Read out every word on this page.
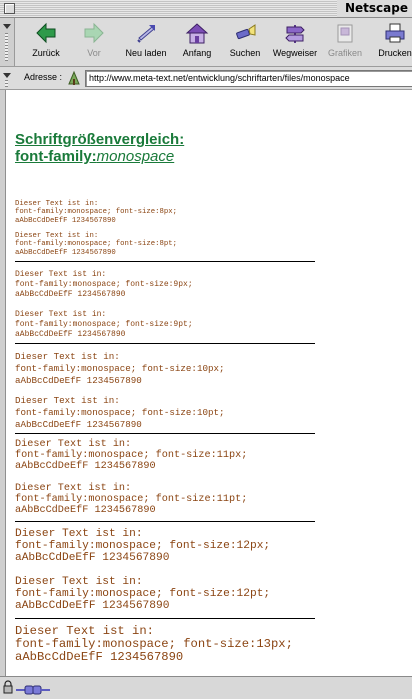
Netscape
Zurück	Vor	Neu laden	Anfang	Suchen	Wegweiser	Grafiken	Drucken
Adresse :	http://www.meta-text.net/entwicklung/schriftarten/files/monospace
Schriftgrößenvergleich:
font-family:monospace
Dieser Text ist in:
font-family:monospace; font-size:8px;
aAbBcCdDeEfF 1234567890
Dieser Text ist in:
font-family:monospace; font-size:8pt;
aAbBcCdDeEfF 1234567890
Dieser Text ist in:
font-family:monospace; font-size:9px;
aAbBcCdDeEfF 1234567890
Dieser Text ist in:
font-family:monospace; font-size:9pt;
aAbBcCdDeEfF 1234567890
Dieser Text ist in:
font-family:monospace; font-size:10px;
aAbBcCdDeEfF 1234567890
Dieser Text ist in:
font-family:monospace; font-size:10pt;
aAbBcCdDeEfF 1234567890
Dieser Text ist in:
font-family:monospace; font-size:11px;
aAbBcCdDeEfF 1234567890
Dieser Text ist in:
font-family:monospace; font-size:11pt;
aAbBcCdDeEfF 1234567890
Dieser Text ist in:
font-family:monospace; font-size:12px;
aAbBcCdDeEfF 1234567890
Dieser Text ist in:
font-family:monospace; font-size:12pt;
aAbBcCdDeEfF 1234567890
Dieser Text ist in:
font-family:monospace; font-size:13px;
aAbBcCdDeEfF 1234567890
